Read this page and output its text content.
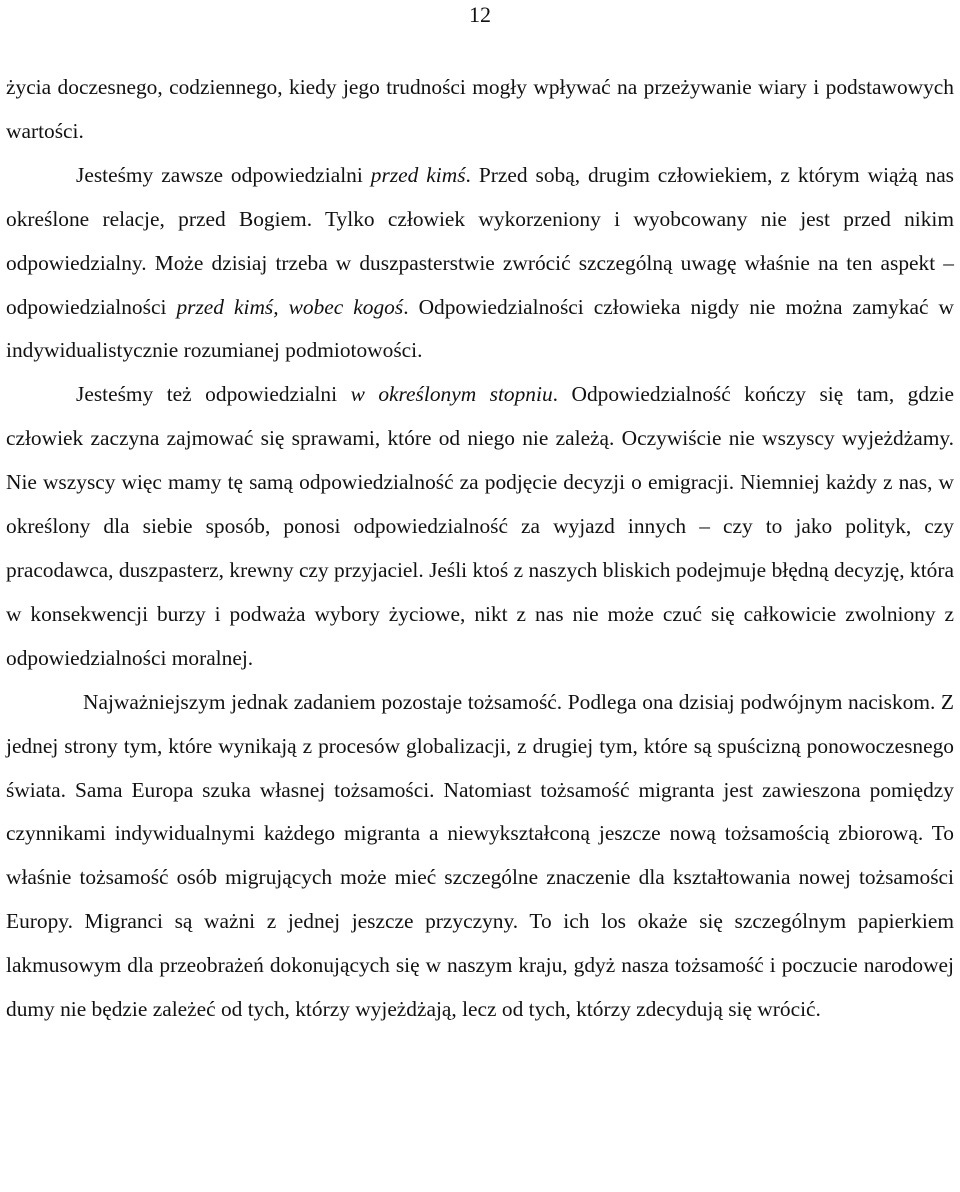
12

życia doczesnego, codziennego, kiedy jego trudności mogły wpływać na przeżywanie wiary i podstawowych wartości.

Jesteśmy zawsze odpowiedzialni przed kimś. Przed sobą, drugim człowiekiem, z którym wiążą nas określone relacje, przed Bogiem. Tylko człowiek wykorzeniony i wyobcowany nie jest przed nikim odpowiedzialny. Może dzisiaj trzeba w duszpasterstwie zwrócić szczególną uwagę właśnie na ten aspekt – odpowiedzialności przed kimś, wobec kogoś. Odpowiedzialności człowieka nigdy nie można zamykać w indywidualistycznie rozumianej podmiotowości.

Jesteśmy też odpowiedzialni w określonym stopniu. Odpowiedzialność kończy się tam, gdzie człowiek zaczyna zajmować się sprawami, które od niego nie zależą. Oczywiście nie wszyscy wyjeżdżamy. Nie wszyscy więc mamy tę samą odpowiedzialność za podjęcie decyzji o emigracji. Niemniej każdy z nas, w określony dla siebie sposób, ponosi odpowiedzialność za wyjazd innych – czy to jako polityk, czy pracodawca, duszpasterz, krewny czy przyjaciel. Jeśli ktoś z naszych bliskich podejmuje błędną decyzję, która w konsekwencji burzy i podważa wybory życiowe, nikt z nas nie może czuć się całkowicie zwolniony z odpowiedzialności moralnej.

Najważniejszym jednak zadaniem pozostaje tożsamość. Podlega ona dzisiaj podwójnym naciskom. Z jednej strony tym, które wynikają z procesów globalizacji, z drugiej tym, które są spuścizną ponowoczesnego świata. Sama Europa szuka własnej tożsamości. Natomiast tożsamość migranta jest zawieszona pomiędzy czynnikami indywidualnymi każdego migranta a niewykształconą jeszcze nową tożsamością zbiorową. To właśnie tożsamość osób migrujących może mieć szczególne znaczenie dla kształtowania nowej tożsamości Europy. Migranci są ważni z jednej jeszcze przyczyny. To ich los okaże się szczególnym papierkiem lakmusowym dla przeobrażeń dokonujących się w naszym kraju, gdyż nasza tożsamość i poczucie narodowej dumy nie będzie zależeć od tych, którzy wyjeżdżają, lecz od tych, którzy zdecydują się wrócić.
